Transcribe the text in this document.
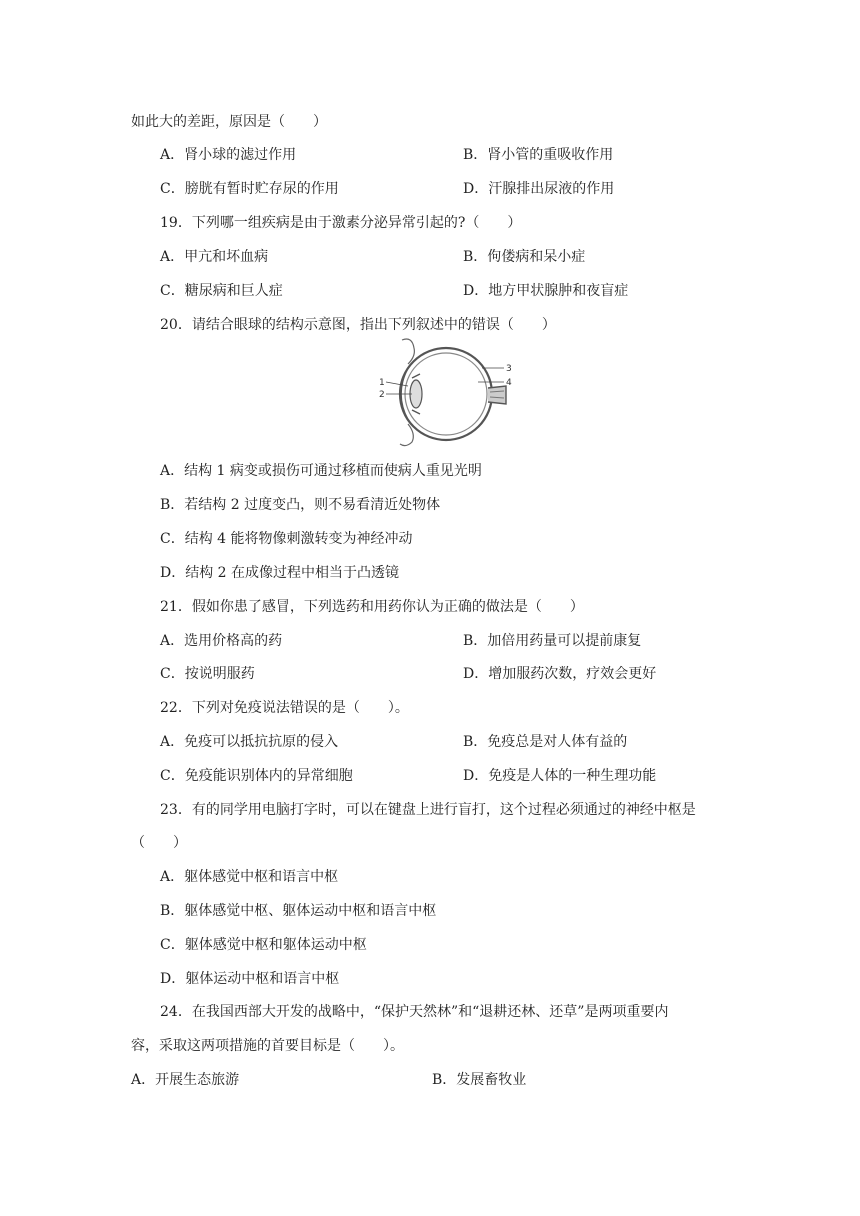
如此大的差距，原因是（　　）
A．肾小球的滤过作用	B．肾小管的重吸收作用
C．膀胱有暂时贮存尿的作用	D．汗腺排出尿液的作用
19．下列哪一组疾病是由于激素分泌异常引起的?（　　）
A．甲亢和坏血病	B．佝偻病和呆小症
C．糖尿病和巨人症	D．地方甲状腺肿和夜盲症
20．请结合眼球的结构示意图，指出下列叙述中的错误（　　）
1
2
3
4
A．结构 1 病变或损伤可通过移植而使病人重见光明
B．若结构 2 过度变凸，则不易看清近处物体
C．结构 4 能将物像刺激转变为神经冲动
D．结构 2 在成像过程中相当于凸透镜
21．假如你患了感冒，下列选药和用药你认为正确的做法是（　　）
A．选用价格高的药	B．加倍用药量可以提前康复
C．按说明服药	D．增加服药次数，疗效会更好
22．下列对免疫说法错误的是（　　）。
A．免疫可以抵抗抗原的侵入	B．免疫总是对人体有益的
C．免疫能识别体内的异常细胞	D．免疫是人体的一种生理功能
23．有的同学用电脑打字时，可以在键盘上进行盲打，这个过程必须通过的神经中枢是
（　　）
A．躯体感觉中枢和语言中枢
B．躯体感觉中枢、躯体运动中枢和语言中枢
C．躯体感觉中枢和躯体运动中枢
D．躯体运动中枢和语言中枢
24．在我国西部大开发的战略中，“保护天然林”和“退耕还林、还草”是两项重要内
容，采取这两项措施的首要目标是（　　）。
A．开展生态旅游	B．发展畜牧业
